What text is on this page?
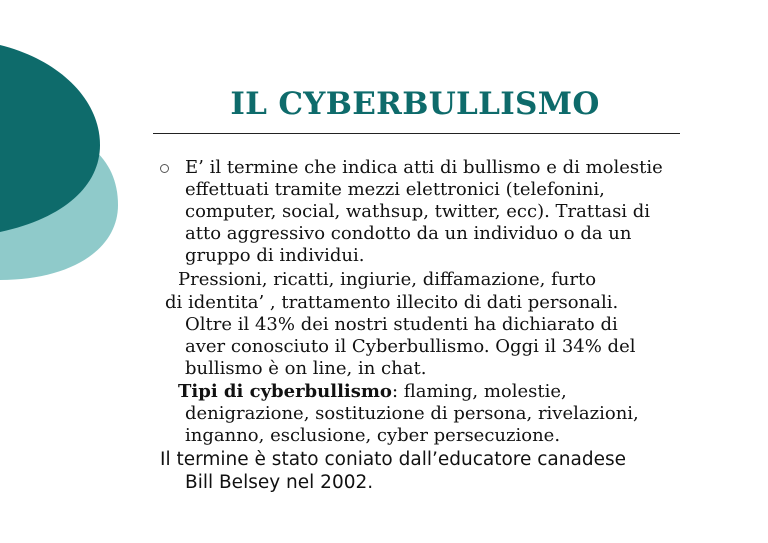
IL CYBERBULLISMO

E’ il termine che indica atti di bullismo e di molestie

effettuati tramite mezzi elettronici (telefonini,

computer, social, wathsup, twitter, ecc). Trattasi di

atto aggressivo condotto da un individuo o da un

gruppo di individui.

Pressioni, ricatti, ingiurie, diffamazione, furto

di identita’ , trattamento illecito di dati personali.

Oltre il 43% dei nostri studenti ha dichiarato di

aver conosciuto il Cyberbullismo. Oggi il 34% del

bullismo è on line, in chat.

Tipi di cyberbullismo: flaming, molestie,

denigrazione, sostituzione di persona, rivelazioni,

inganno, esclusione, cyber persecuzione.

Il termine è stato coniato dall’educatore canadese

Bill Belsey nel 2002.
